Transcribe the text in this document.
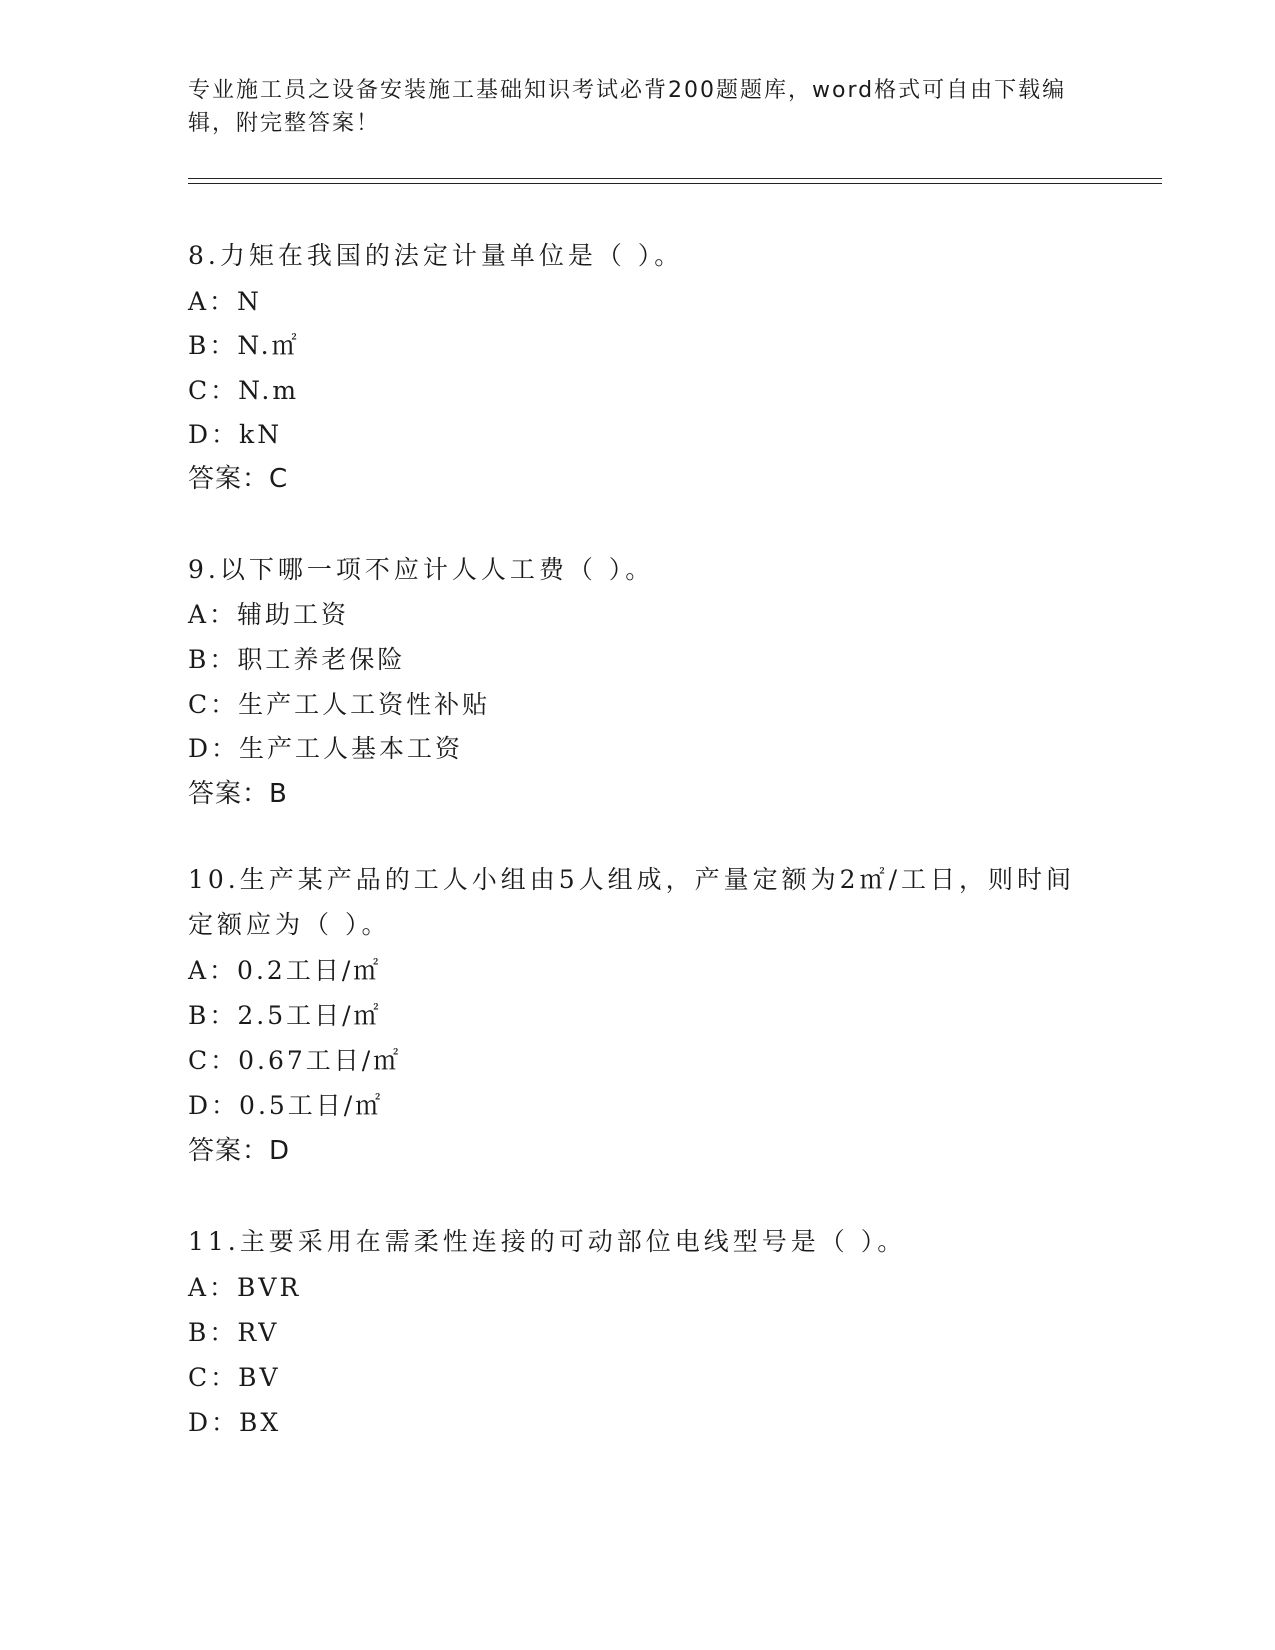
专业施工员之设备安装施工基础知识考试必背200题题库，word格式可自由下载编辑，附完整答案！
8.力矩在我国的法定计量单位是（ ）。
A：N
B：N.㎡
C：N.m
D：kN
答案：C
9.以下哪一项不应计人人工费（ ）。
A：辅助工资
B：职工养老保险
C：生产工人工资性补贴
D：生产工人基本工资
答案：B
10.生产某产品的工人小组由5人组成，产量定额为2㎡/工日，则时间定额应为（ ）。
A：0.2工日/㎡
B：2.5工日/㎡
C：0.67工日/㎡
D：0.5工日/㎡
答案：D
11.主要采用在需柔性连接的可动部位电线型号是（ ）。
A：BVR
B：RV
C：BV
D：BX
